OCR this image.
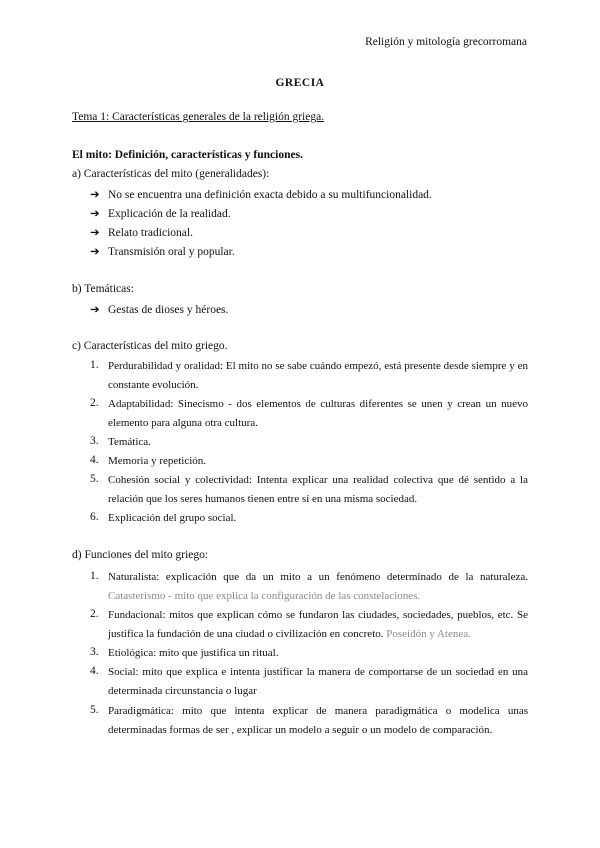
Religión y mitología grecorromana
GRECIA
Tema 1: Características generales de la religión griega.
El mito: Definición, características y funciones.
a) Características del mito (generalidades):
➔ No se encuentra una definición exacta debido a su multifuncionalidad.
➔ Explicación de la realidad.
➔ Relato tradicional.
➔ Transmisión oral y popular.
b) Temáticas:
➔ Gestas de dioses y héroes.
c) Características del mito griego.
1. Perdurabilidad y oralidad: El mito no se sabe cuándo empezó, está presente desde siempre y en constante evolución.
2. Adaptabilidad: Sinecismo - dos elementos de culturas diferentes se unen y crean un nuevo elemento para alguna otra cultura.
3. Temática.
4. Memoria y repetición.
5. Cohesión social y colectividad: Intenta explicar una realidad colectiva que dé sentido a la relación que los seres humanos tienen entre sí en una misma sociedad.
6. Explicación del grupo social.
d) Funciones del mito griego:
1. Naturalista: explicación que da un mito a un fenómeno determinado de la naturaleza. Catasterismo - mito que explica la configuración de las constelaciones.
2. Fundacional: mitos que explican cómo se fundaron las ciudades, sociedades, pueblos, etc. Se justifica la fundación de una ciudad o civilización en concreto. Poseidón y Atenea.
3. Etiológica: mito que justifica un ritual.
4. Social: mito que explica e intenta justificar la manera de comportarse de un sociedad en una determinada circunstancia o lugar
5. Paradigmática: mito que intenta explicar de manera paradigmática o modelica unas determinadas formas de ser , explicar un modelo a seguir o un modelo de comparación.
